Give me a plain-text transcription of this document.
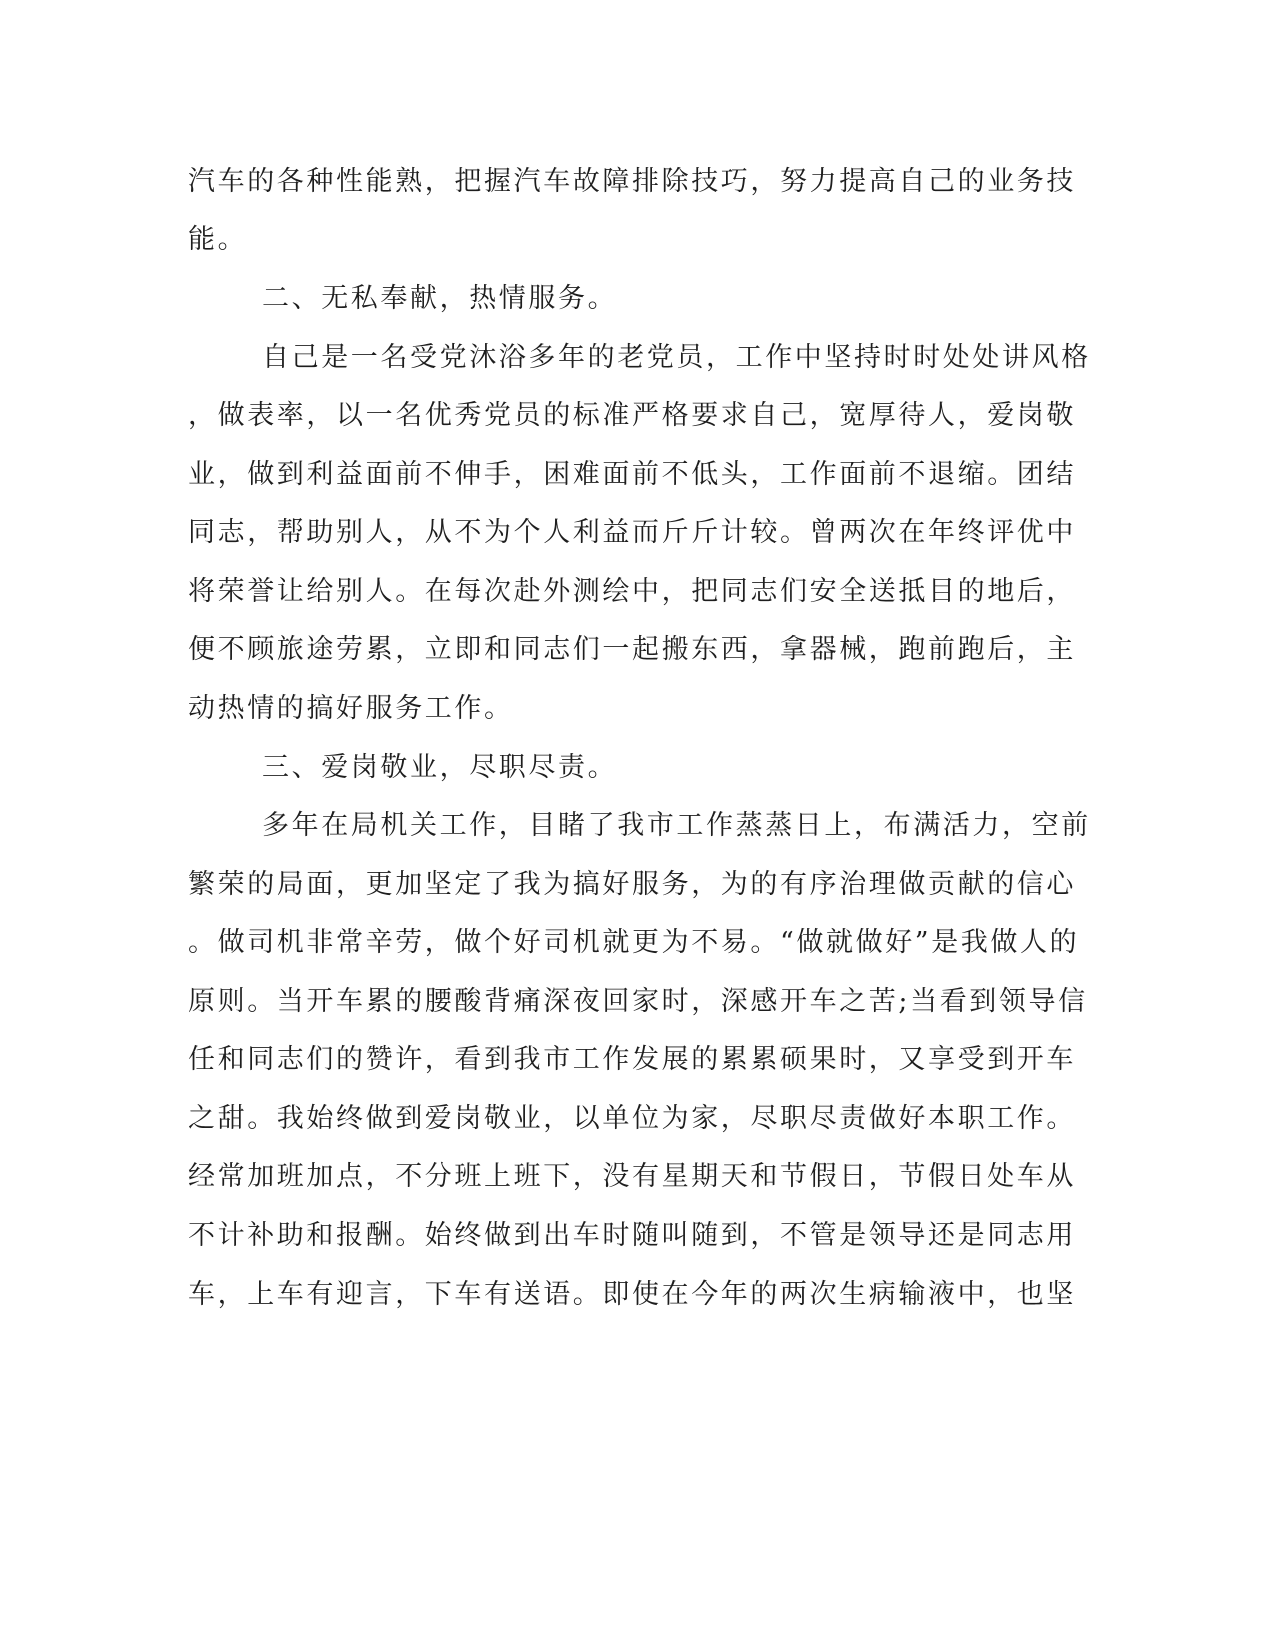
汽车的各种性能熟，把握汽车故障排除技巧，努力提高自己的业务技
能。
二、无私奉献，热情服务。
自己是一名受党沐浴多年的老党员，工作中坚持时时处处讲风格
，做表率，以一名优秀党员的标准严格要求自己，宽厚待人，爱岗敬
业，做到利益面前不伸手，困难面前不低头，工作面前不退缩。团结
同志，帮助别人，从不为个人利益而斤斤计较。曾两次在年终评优中
将荣誉让给别人。在每次赴外测绘中，把同志们安全送抵目的地后，
便不顾旅途劳累，立即和同志们一起搬东西，拿器械，跑前跑后，主
动热情的搞好服务工作。
三、爱岗敬业，尽职尽责。
多年在局机关工作，目睹了我市工作蒸蒸日上，布满活力，空前
繁荣的局面，更加坚定了我为搞好服务，为的有序治理做贡献的信心
。做司机非常辛劳，做个好司机就更为不易。“做就做好”是我做人的
原则。当开车累的腰酸背痛深夜回家时，深感开车之苦;当看到领导信
任和同志们的赞许，看到我市工作发展的累累硕果时，又享受到开车
之甜。我始终做到爱岗敬业，以单位为家，尽职尽责做好本职工作。
经常加班加点，不分班上班下，没有星期天和节假日，节假日处车从
不计补助和报酬。始终做到出车时随叫随到，不管是领导还是同志用
车，上车有迎言，下车有送语。即使在今年的两次生病输液中，也坚
